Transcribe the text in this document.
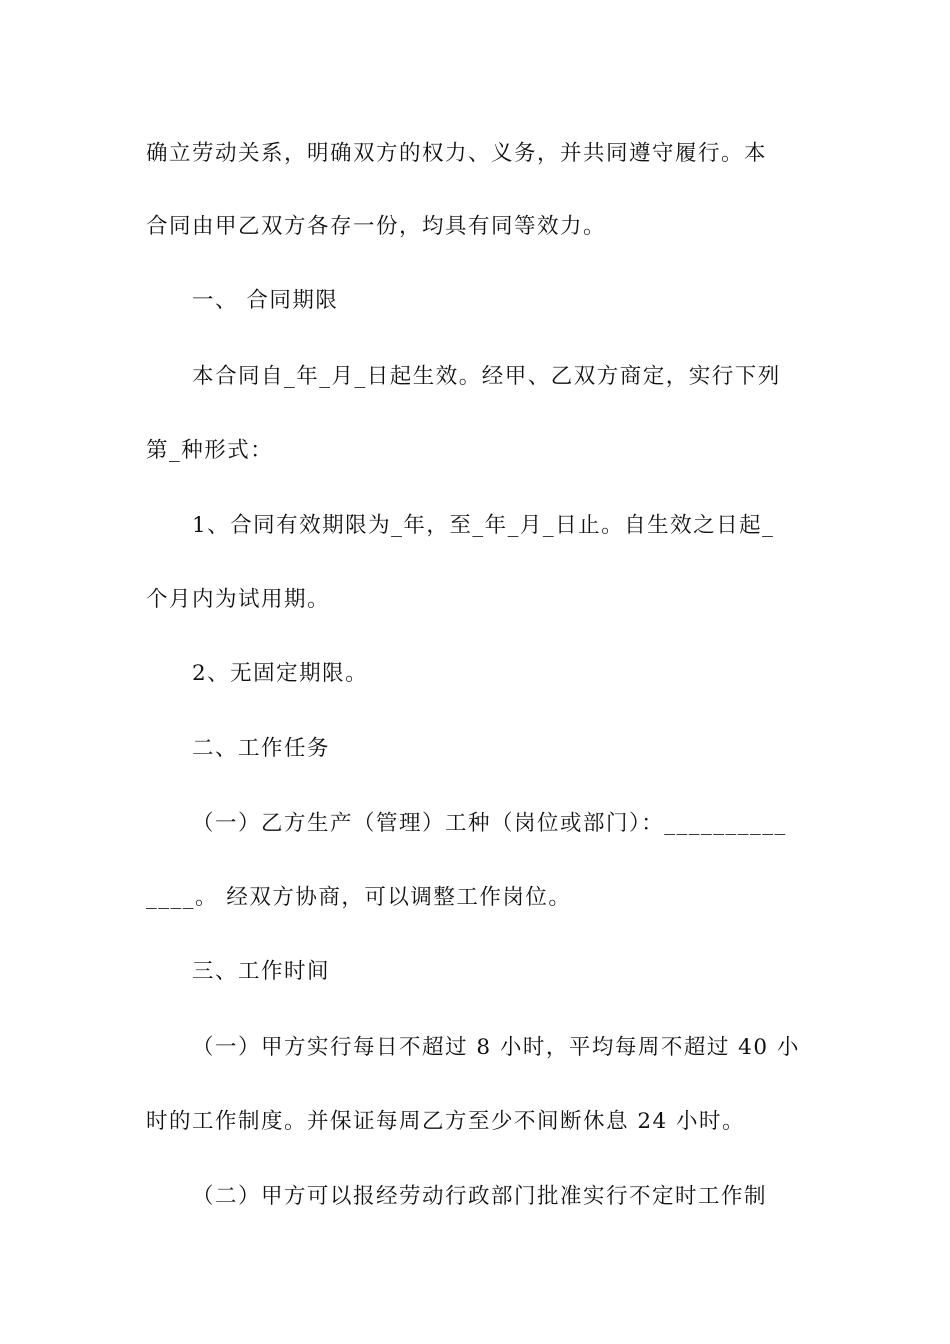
确立劳动关系，明确双方的权力、义务，并共同遵守履行。本
合同由甲乙双方各存一份，均具有同等效力。
一、 合同期限
本合同自_年_月_日起生效。经甲、乙双方商定，实行下列
第_种形式：
1、合同有效期限为_年，至_年_月_日止。自生效之日起_
个月内为试用期。
2、无固定期限。
二、工作任务
（一）乙方生产（管理）工种（岗位或部门）：__________
____。 经双方协商，可以调整工作岗位。
三、工作时间
（一）甲方实行每日不超过 8 小时，平均每周不超过 40 小
时的工作制度。并保证每周乙方至少不间断休息 24 小时。
（二）甲方可以报经劳动行政部门批准实行不定时工作制
